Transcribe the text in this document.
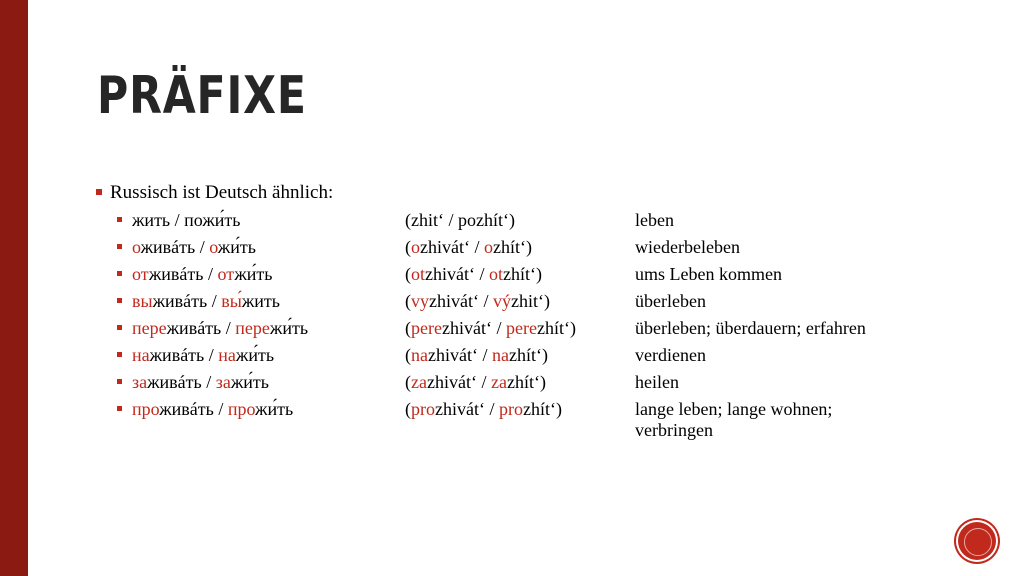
PRÄFIXE
Russisch ist Deutsch ähnlich:
жить / пожи́ть	(zhit‘ / pozhít‘)	leben
оживáть / ожи́ть	(ozhivát‘ / ozhít‘)	wiederbeleben
отживáть / отжи́ть	(otzhivát‘ / otzhít‘)	ums Leben kommen
выживáть / вы́жить	(vyzhivát‘ / výzhit‘)	überleben
переживáть / пережи́ть	(perezhivát‘ / perezhít‘)	überleben; überdauern; erfahren
наживáть / нажи́ть	(nazhivát‘ / nazhít‘)	verdienen
заживáть / зажи́ть	(zazhivát‘ / zazhít‘)	heilen
проживáть / прожи́ть	(prozhivát‘ / prozhít‘)	lange leben; lange wohnen;
verbringen
